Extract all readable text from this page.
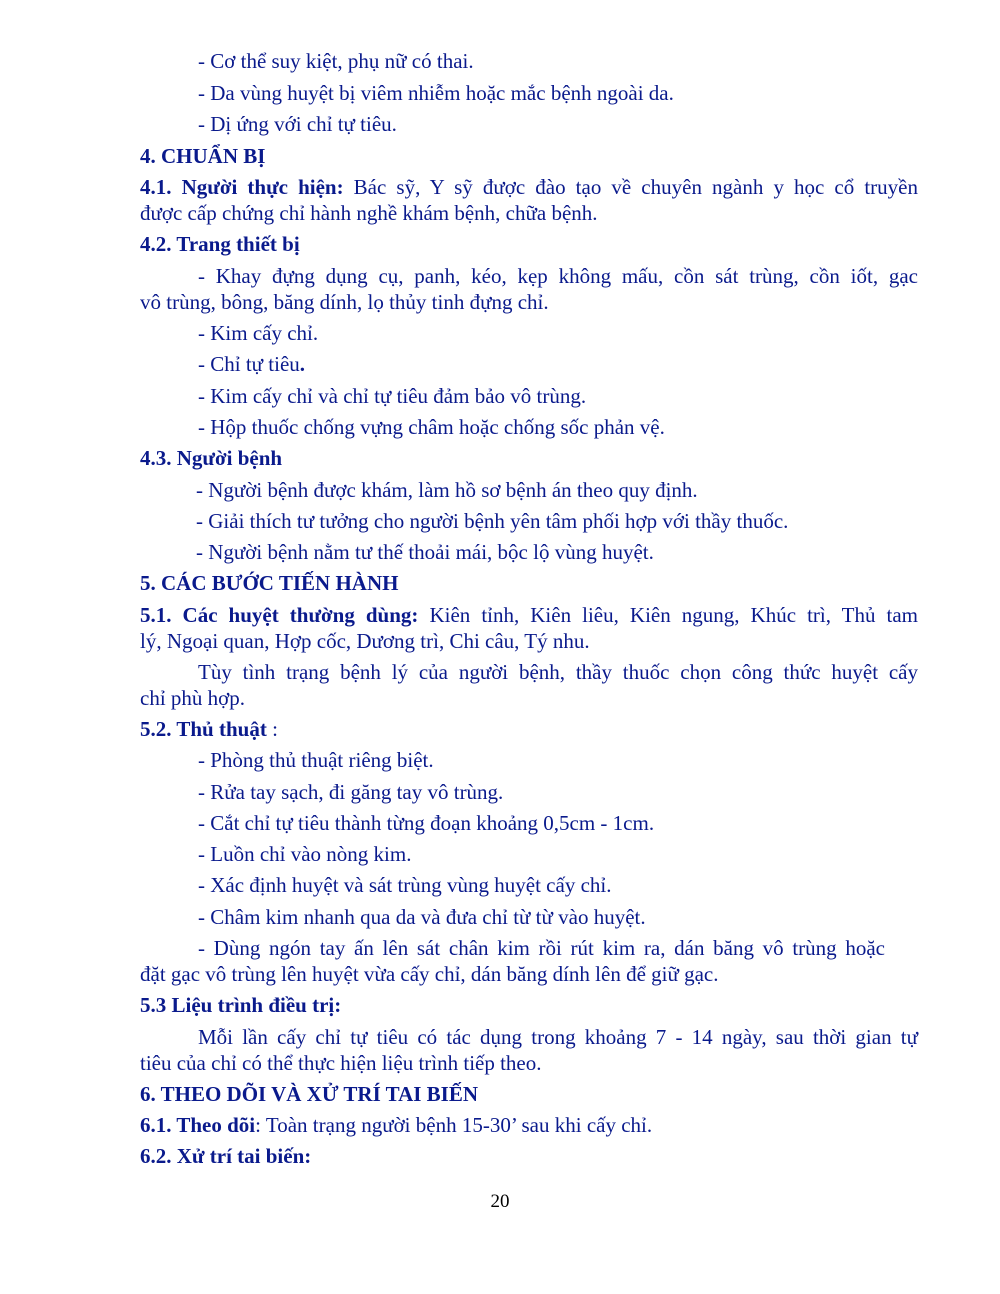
- Cơ thể suy kiệt, phụ nữ có thai.
- Da vùng huyệt bị viêm nhiễm hoặc mắc bệnh ngoài da.
- Dị ứng với chỉ tự tiêu.
4. CHUẨN BỊ
4.1. Người thực hiện: Bác sỹ, Y sỹ được đào tạo về chuyên ngành y học cổ truyền
được cấp chứng chỉ hành nghề khám bệnh, chữa bệnh.
4.2. Trang thiết bị
- Khay đựng dụng cụ, panh, kéo, kẹp không mấu, cồn sát trùng, cồn iốt, gạc
vô trùng, bông, băng dính, lọ thủy tinh đựng chỉ.
- Kim cấy chỉ.
- Chỉ tự tiêu.
- Kim cấy chỉ và chỉ tự tiêu đảm bảo vô trùng.
- Hộp thuốc chống vựng châm hoặc chống sốc phản vệ.
4.3. Người bệnh
- Người bệnh được khám, làm hồ sơ bệnh án theo quy định.
- Giải thích tư tưởng cho người bệnh yên tâm phối hợp với thầy thuốc.
- Người bệnh nằm tư thế thoải mái, bộc lộ vùng huyệt.
5. CÁC BƯỚC TIẾN HÀNH
5.1. Các huyệt thường dùng: Kiên tỉnh, Kiên liêu, Kiên ngung, Khúc trì, Thủ tam
lý, Ngoại quan, Hợp cốc, Dương trì, Chi câu, Tý nhu.
Tùy tình trạng bệnh lý của người bệnh, thầy thuốc chọn công thức huyệt cấy
chỉ phù hợp.
5.2. Thủ thuật :
- Phòng thủ thuật riêng biệt.
- Rửa tay sạch, đi găng tay vô trùng.
- Cắt chỉ tự tiêu thành từng đoạn khoảng 0,5cm - 1cm.
- Luồn chỉ vào nòng kim.
- Xác định huyệt và sát trùng vùng huyệt cấy chỉ.
- Châm kim nhanh qua da và đưa chỉ từ từ vào huyệt.
- Dùng ngón tay ấn lên sát chân kim rồi rút kim ra, dán băng vô trùng hoặc
đặt gạc vô trùng lên huyệt vừa cấy chỉ, dán băng dính lên để giữ gạc.
5.3 Liệu trình điều trị:
Mỗi lần cấy chỉ tự tiêu có tác dụng trong khoảng 7 - 14 ngày, sau thời gian tự
tiêu của chỉ có thể thực hiện liệu trình tiếp theo.
6. THEO DÕI VÀ XỬ TRÍ TAI BIẾN
6.1. Theo dõi: Toàn trạng người bệnh 15-30’ sau khi cấy chỉ.
6.2. Xử trí tai biến:
20
